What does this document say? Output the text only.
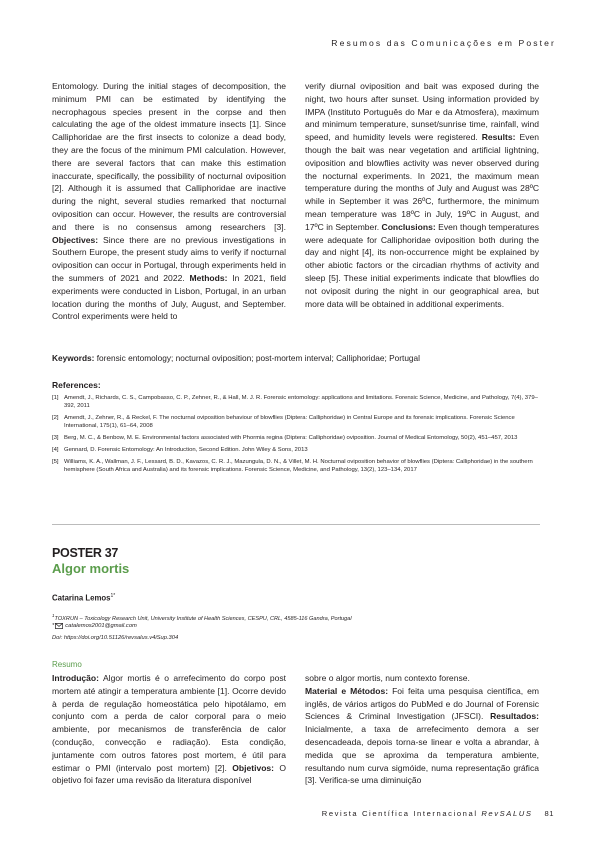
Resumos das Comunicações em Poster

Entomology. During the initial stages of decomposition, the minimum PMI can be estimated by identifying the necrophagous species present in the corpse and then calculating the age of the oldest immature insects [1]. Since Calliphoridae are the first insects to colonize a dead body, they are the focus of the minimum PMI calculation. However, there are several factors that can make this estimation inaccurate, specifically, the possibility of nocturnal oviposition [2]. Although it is assumed that Calliphoridae are inactive during the night, several studies remarked that nocturnal oviposition can occur. However, the results are controversial and there is no consensus among researchers [3]. Objectives: Since there are no previous investigations in Southern Europe, the present study aims to verify if nocturnal oviposition can occur in Portugal, through experiments held in the summers of 2021 and 2022. Methods: In 2021, field experiments were conducted in Lisbon, Portugal, in an urban location during the months of July, August, and September. Control experiments were held to

verify diurnal oviposition and bait was exposed during the night, two hours after sunset. Using information provided by IMPA (Instituto Português do Mar e da Atmosfera), maximum and minimum temperature, sunset/sunrise time, rainfall, wind speed, and humidity levels were registered. Results: Even though the bait was near vegetation and artificial lightning, oviposition and blowflies activity was never observed during the nocturnal experiments. In 2021, the maximum mean temperature during the months of July and August was 28ºC while in September it was 26ºC, furthermore, the minimum mean temperature was 18ºC in July, 19ºC in August, and 17ºC in September. Conclusions: Even though temperatures were adequate for Calliphoridae oviposition both during the day and night [4], its non-occurrence might be explained by other abiotic factors or the circadian rhythms of activity and sleep [5]. These initial experiments indicate that blowflies do not oviposit during the night in our geographical area, but more data will be obtained in additional experiments.

Keywords: forensic entomology; nocturnal oviposition; post-mortem interval; Calliphoridae; Portugal
References:
[1] Amendt, J., Richards, C. S., Campobasso, C. P., Zehner, R., & Hall, M. J. R. Forensic entomology: applications and limitations. Forensic Science, Medicine, and Pathology, 7(4), 379–392, 2011
[2] Amendt, J., Zehner, R., & Reckel, F. The nocturnal oviposition behaviour of blowflies (Diptera: Calliphoridae) in Central Europe and its forensic implications. Forensic Science International, 175(1), 61–64, 2008
[3] Berg, M. C., & Benbow, M. E. Environmental factors associated with Phormia regina (Diptera: Calliphoridae) oviposition. Journal of Medical Entomology, 50(2), 451–457, 2013
[4] Gennard, D. Forensic Entomology: An Introduction, Second Edition. John Wiley & Sons, 2013
[5] Williams, K. A., Wallman, J. F., Lessard, B. D., Kavazos, C. R. J., Mazungula, D. N., & Villet, M. H. Nocturnal oviposition behavior of blowflies (Diptera: Calliphoridae) in the southern hemisphere (South Africa and Australia) and its forensic implications. Forensic Science, Medicine, and Pathology, 13(2), 123–134, 2017
POSTER 37
Algor mortis
Catarina Lemos$^{1*}$
$^1$TOXRUN – Toxicology Research Unit, University Institute of Health Sciences, CESPU, CRL, 4585-116 Gandra, Portugal
* catalemos2001@gmail.com
Doi: https://doi.org/10.51126/revsalus.v4iSup.304
Resumo

Introdução: Algor mortis é o arrefecimento do corpo post mortem até atingir a temperatura ambiente [1]. Ocorre devido à perda de regulação homeostática pelo hipotálamo, em conjunto com a perda de calor corporal para o meio ambiente, por mecanismos de transferência de calor (condução, convecção e radiação). Esta condição, juntamente com outros fatores post mortem, é útil para estimar o PMI (intervalo post mortem) [2]. Objetivos: O objetivo foi fazer uma revisão da literatura disponível

sobre o algor mortis, num contexto forense.

Material e Métodos: Foi feita uma pesquisa científica, em inglês, de vários artigos do PubMed e do Journal of Forensic Sciences & Criminal Investigation (JFSCI). Resultados: Inicialmente, a taxa de arrefecimento demora a ser desencadeada, depois torna-se linear e volta a abrandar, à medida que se aproxima da temperatura ambiente, resultando num curva sigmóide, numa representação gráfica [3]. Verifica-se uma diminuição

Revista Científica Internacional RevSALUS 81
